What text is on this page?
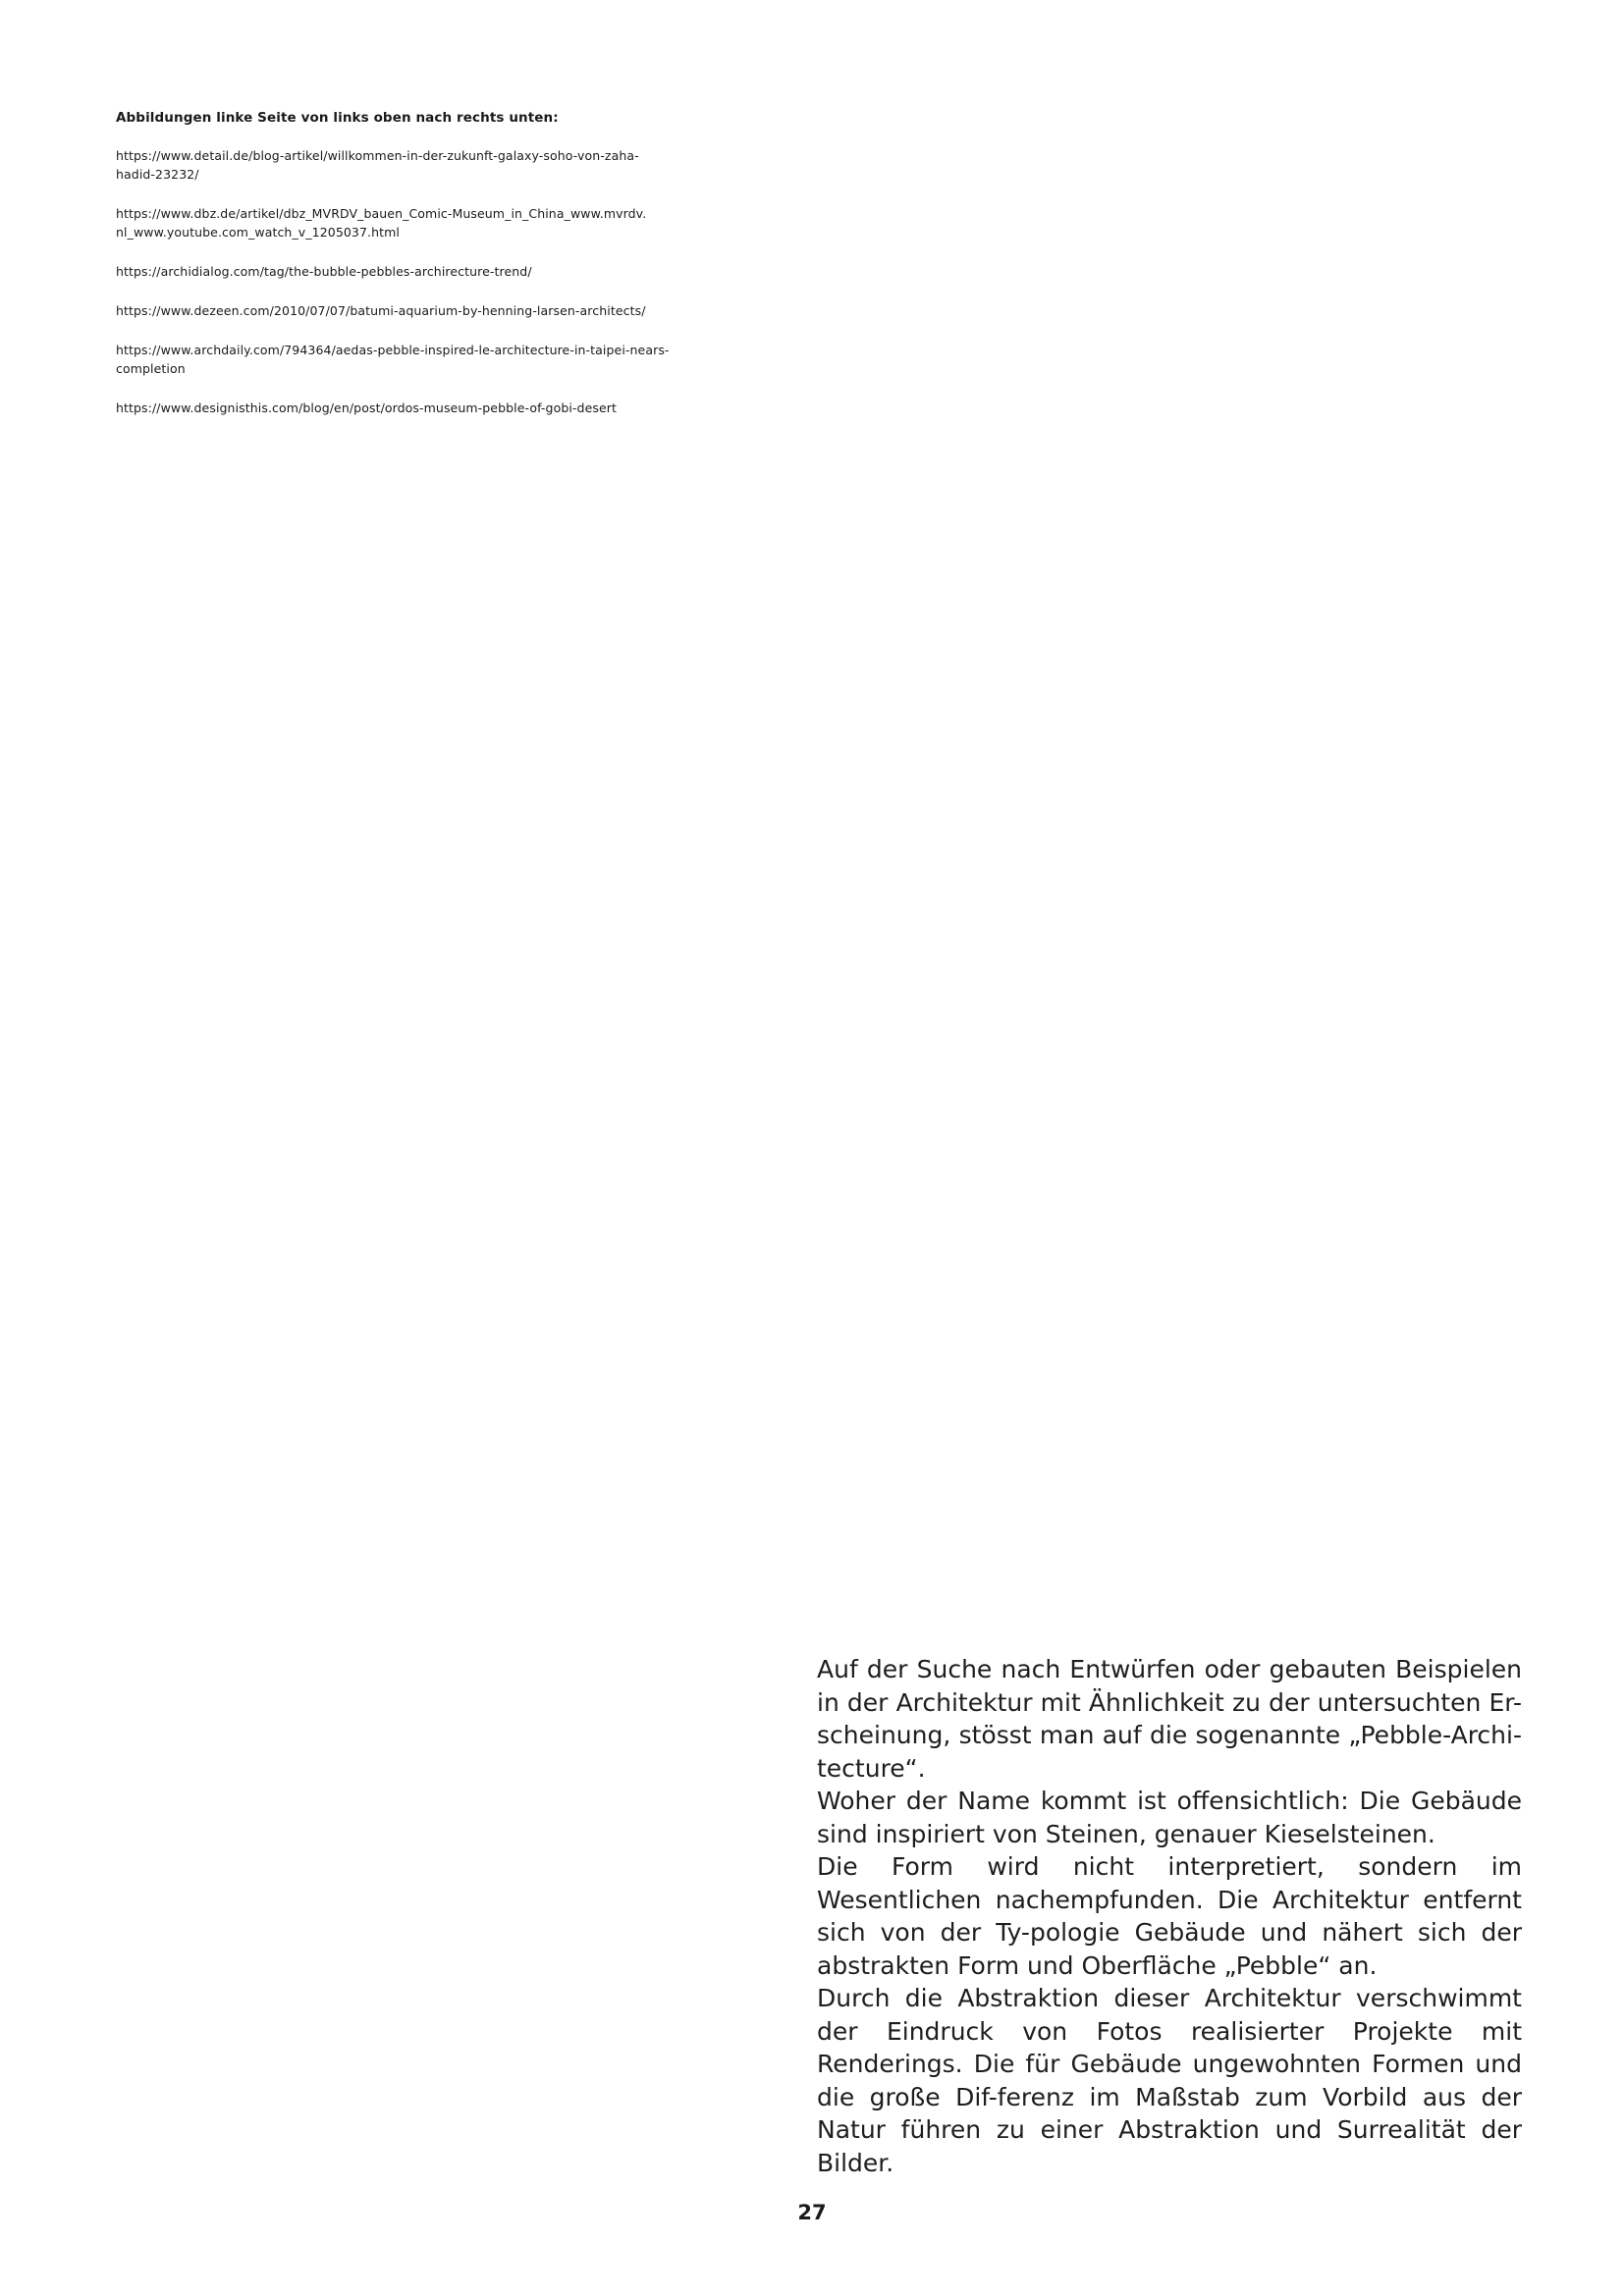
Abbildungen linke Seite von links oben nach rechts unten:
https://www.detail.de/blog-artikel/willkommen-in-der-zukunft-galaxy-soho-von-zaha-
hadid-23232/
https://www.dbz.de/artikel/dbz_MVRDV_bauen_Comic-Museum_in_China_www.mvrdv.
nl_www.youtube.com_watch_v_1205037.html
https://archidialog.com/tag/the-bubble-pebbles-archirecture-trend/
https://www.dezeen.com/2010/07/07/batumi-aquarium-by-henning-larsen-architects/
https://www.archdaily.com/794364/aedas-pebble-inspired-le-architecture-in-taipei-nears-
completion
https://www.designisthis.com/blog/en/post/ordos-museum-pebble-of-gobi-desert

Auf der Suche nach Entwürfen oder gebauten Beispielen in der Architektur mit Ähnlichkeit zu der untersuchten Er-scheinung, stösst man auf die sogenannte „Pebble-Archi-tecture“.

Woher der Name kommt ist offensichtlich: Die Gebäude sind inspiriert von Steinen, genauer Kieselsteinen.

Die Form wird nicht interpretiert, sondern im Wesentlichen nachempfunden. Die Architektur entfernt sich von der Ty-pologie Gebäude und nähert sich der abstrakten Form und Oberfläche „Pebble“ an.

Durch die Abstraktion dieser Architektur verschwimmt der Eindruck von Fotos realisierter Projekte mit Renderings. Die für Gebäude ungewohnten Formen und die große Dif-ferenz im Maßstab zum Vorbild aus der Natur führen zu einer Abstraktion und Surrealität der Bilder.

27
